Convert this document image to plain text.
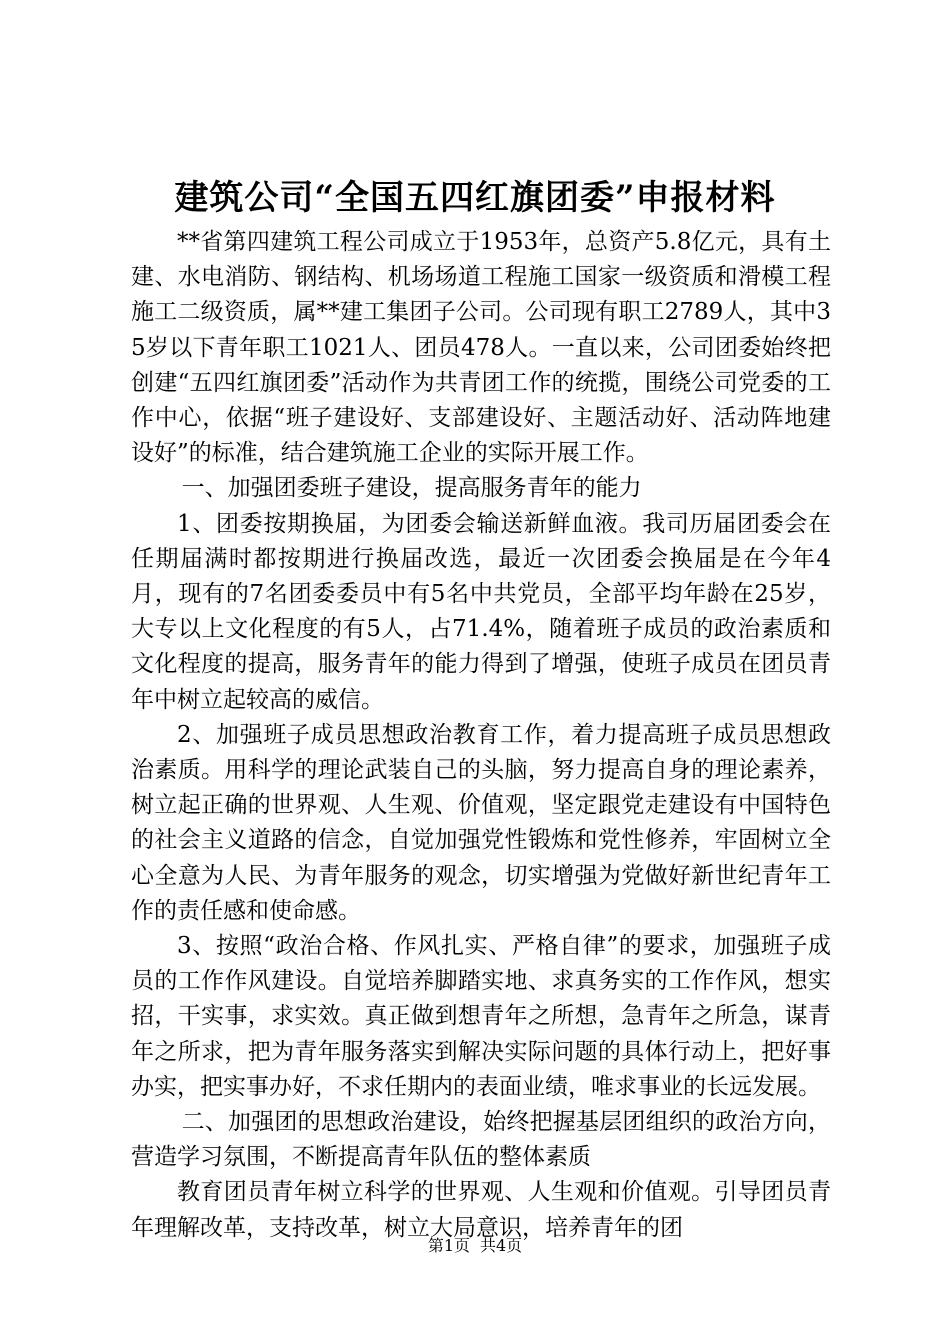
建筑公司“全国五四红旗团委”申报材料

**省第四建筑工程公司成立于1953年，总资产5.8亿元，具有土建、水电消防、钢结构、机场场道工程施工国家一级资质和滑模工程施工二级资质，属**建工集团子公司。公司现有职工2789人，其中35岁以下青年职工1021人、团员478人。一直以来，公司团委始终把创建“五四红旗团委”活动作为共青团工作的统揽，围绕公司党委的工作中心，依据“班子建设好、支部建设好、主题活动好、活动阵地建设好”的标准，结合建筑施工企业的实际开展工作。

一、加强团委班子建设，提高服务青年的能力

1、团委按期换届，为团委会输送新鲜血液。我司历届团委会在任期届满时都按期进行换届改选，最近一次团委会换届是在今年4月，现有的7名团委委员中有5名中共党员，全部平均年龄在25岁，大专以上文化程度的有5人，占71.4%，随着班子成员的政治素质和文化程度的提高，服务青年的能力得到了增强，使班子成员在团员青年中树立起较高的威信。

2、加强班子成员思想政治教育工作，着力提高班子成员思想政治素质。用科学的理论武装自己的头脑，努力提高自身的理论素养，树立起正确的世界观、人生观、价值观，坚定跟党走建设有中国特色的社会主义道路的信念，自觉加强党性锻炼和党性修养，牢固树立全心全意为人民、为青年服务的观念，切实增强为党做好新世纪青年工作的责任感和使命感。

3、按照“政治合格、作风扎实、严格自律”的要求，加强班子成员的工作作风建设。自觉培养脚踏实地、求真务实的工作作风，想实招，干实事，求实效。真正做到想青年之所想，急青年之所急，谋青年之所求，把为青年服务落实到解决实际问题的具体行动上，把好事办实，把实事办好，不求任期内的表面业绩，唯求事业的长远发展。

二、加强团的思想政治建设，始终把握基层团组织的政治方向，营造学习氛围，不断提高青年队伍的整体素质

教育团员青年树立科学的世界观、人生观和价值观。引导团员青年理解改革，支持改革，树立大局意识，培养青年的团

第1页 共4页
